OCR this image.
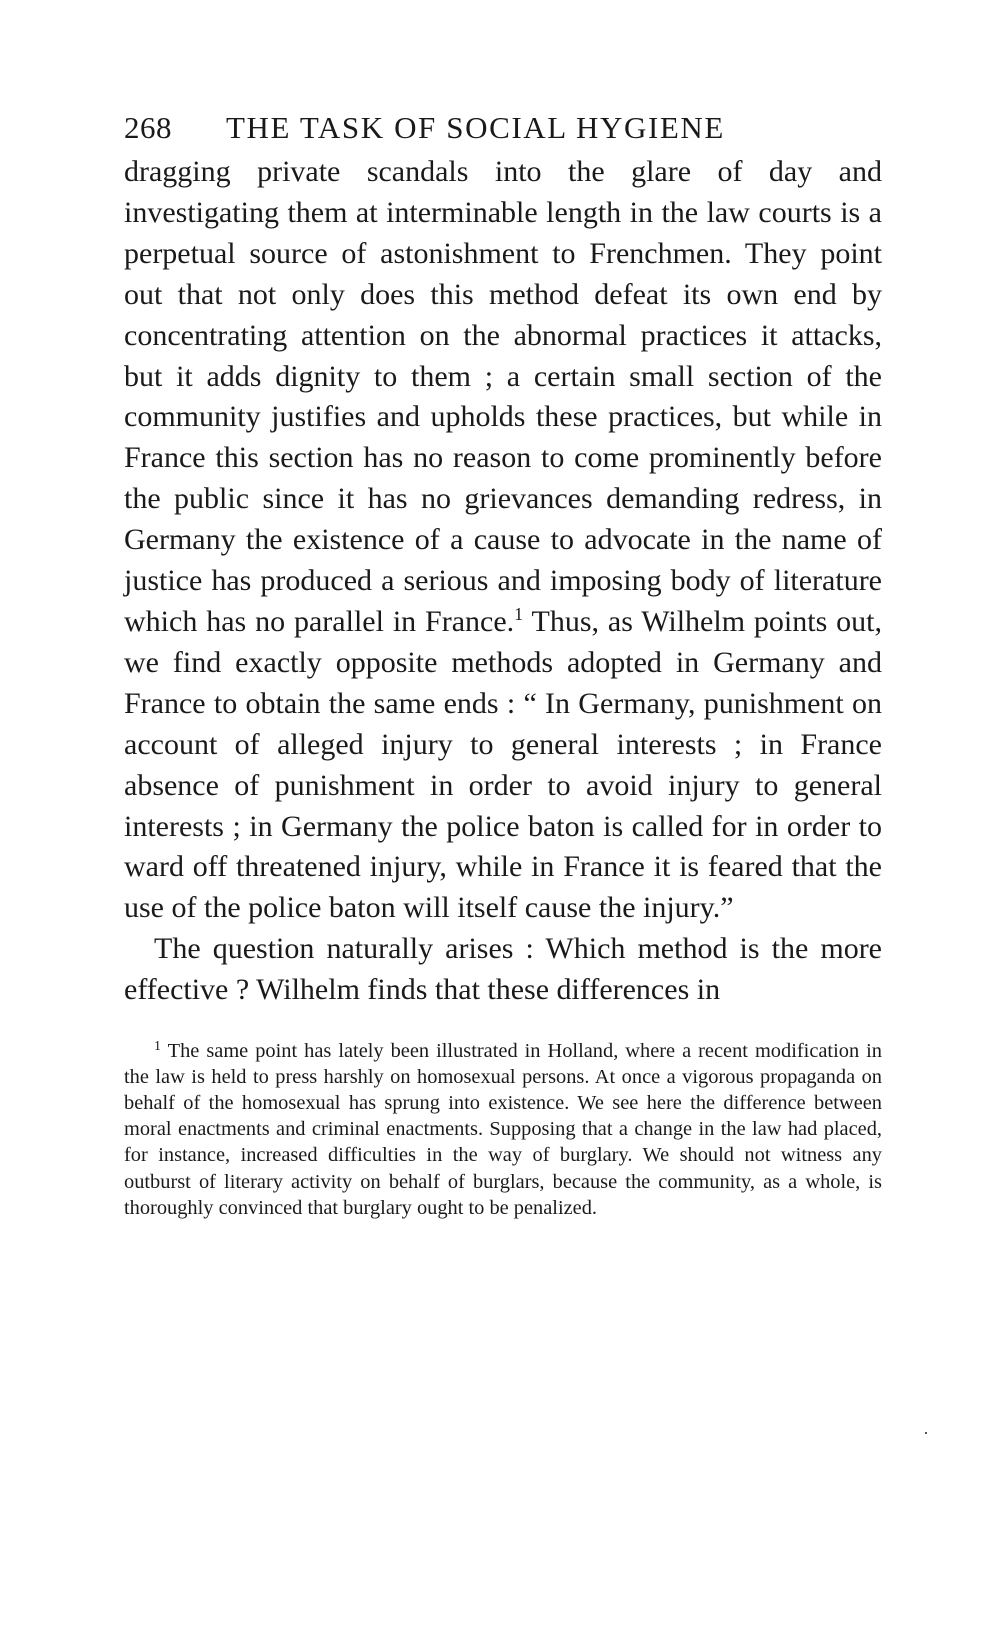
268	THE TASK OF SOCIAL HYGIENE

dragging private scandals into the glare of day and investigating them at interminable length in the law courts is a perpetual source of astonishment to Frenchmen. They point out that not only does this method defeat its own end by concentrating attention on the abnormal practices it attacks, but it adds dignity to them ; a certain small section of the community justifies and upholds these practices, but while in France this section has no reason to come prominently before the public since it has no grievances demanding redress, in Germany the existence of a cause to advocate in the name of justice has produced a serious and imposing body of literature which has no parallel in France.$^1$ Thus, as Wilhelm points out, we find exactly opposite methods adopted in Germany and France to obtain the same ends : “ In Germany, punishment on account of alleged injury to general interests ; in France absence of punishment in order to avoid injury to general interests ; in Germany the police baton is called for in order to ward off threatened injury, while in France it is feared that the use of the police baton will itself cause the injury.”

The question naturally arises : Which method is the more effective ? Wilhelm finds that these differences in

$^1$ The same point has lately been illustrated in Holland, where a recent modification in the law is held to press harshly on homosexual persons. At once a vigorous propaganda on behalf of the homosexual has sprung into existence. We see here the difference between moral enactments and criminal enactments. Supposing that a change in the law had placed, for instance, increased difficulties in the way of burglary. We should not witness any outburst of literary activity on behalf of burglars, because the community, as a whole, is thoroughly convinced that burglary ought to be penalized.
